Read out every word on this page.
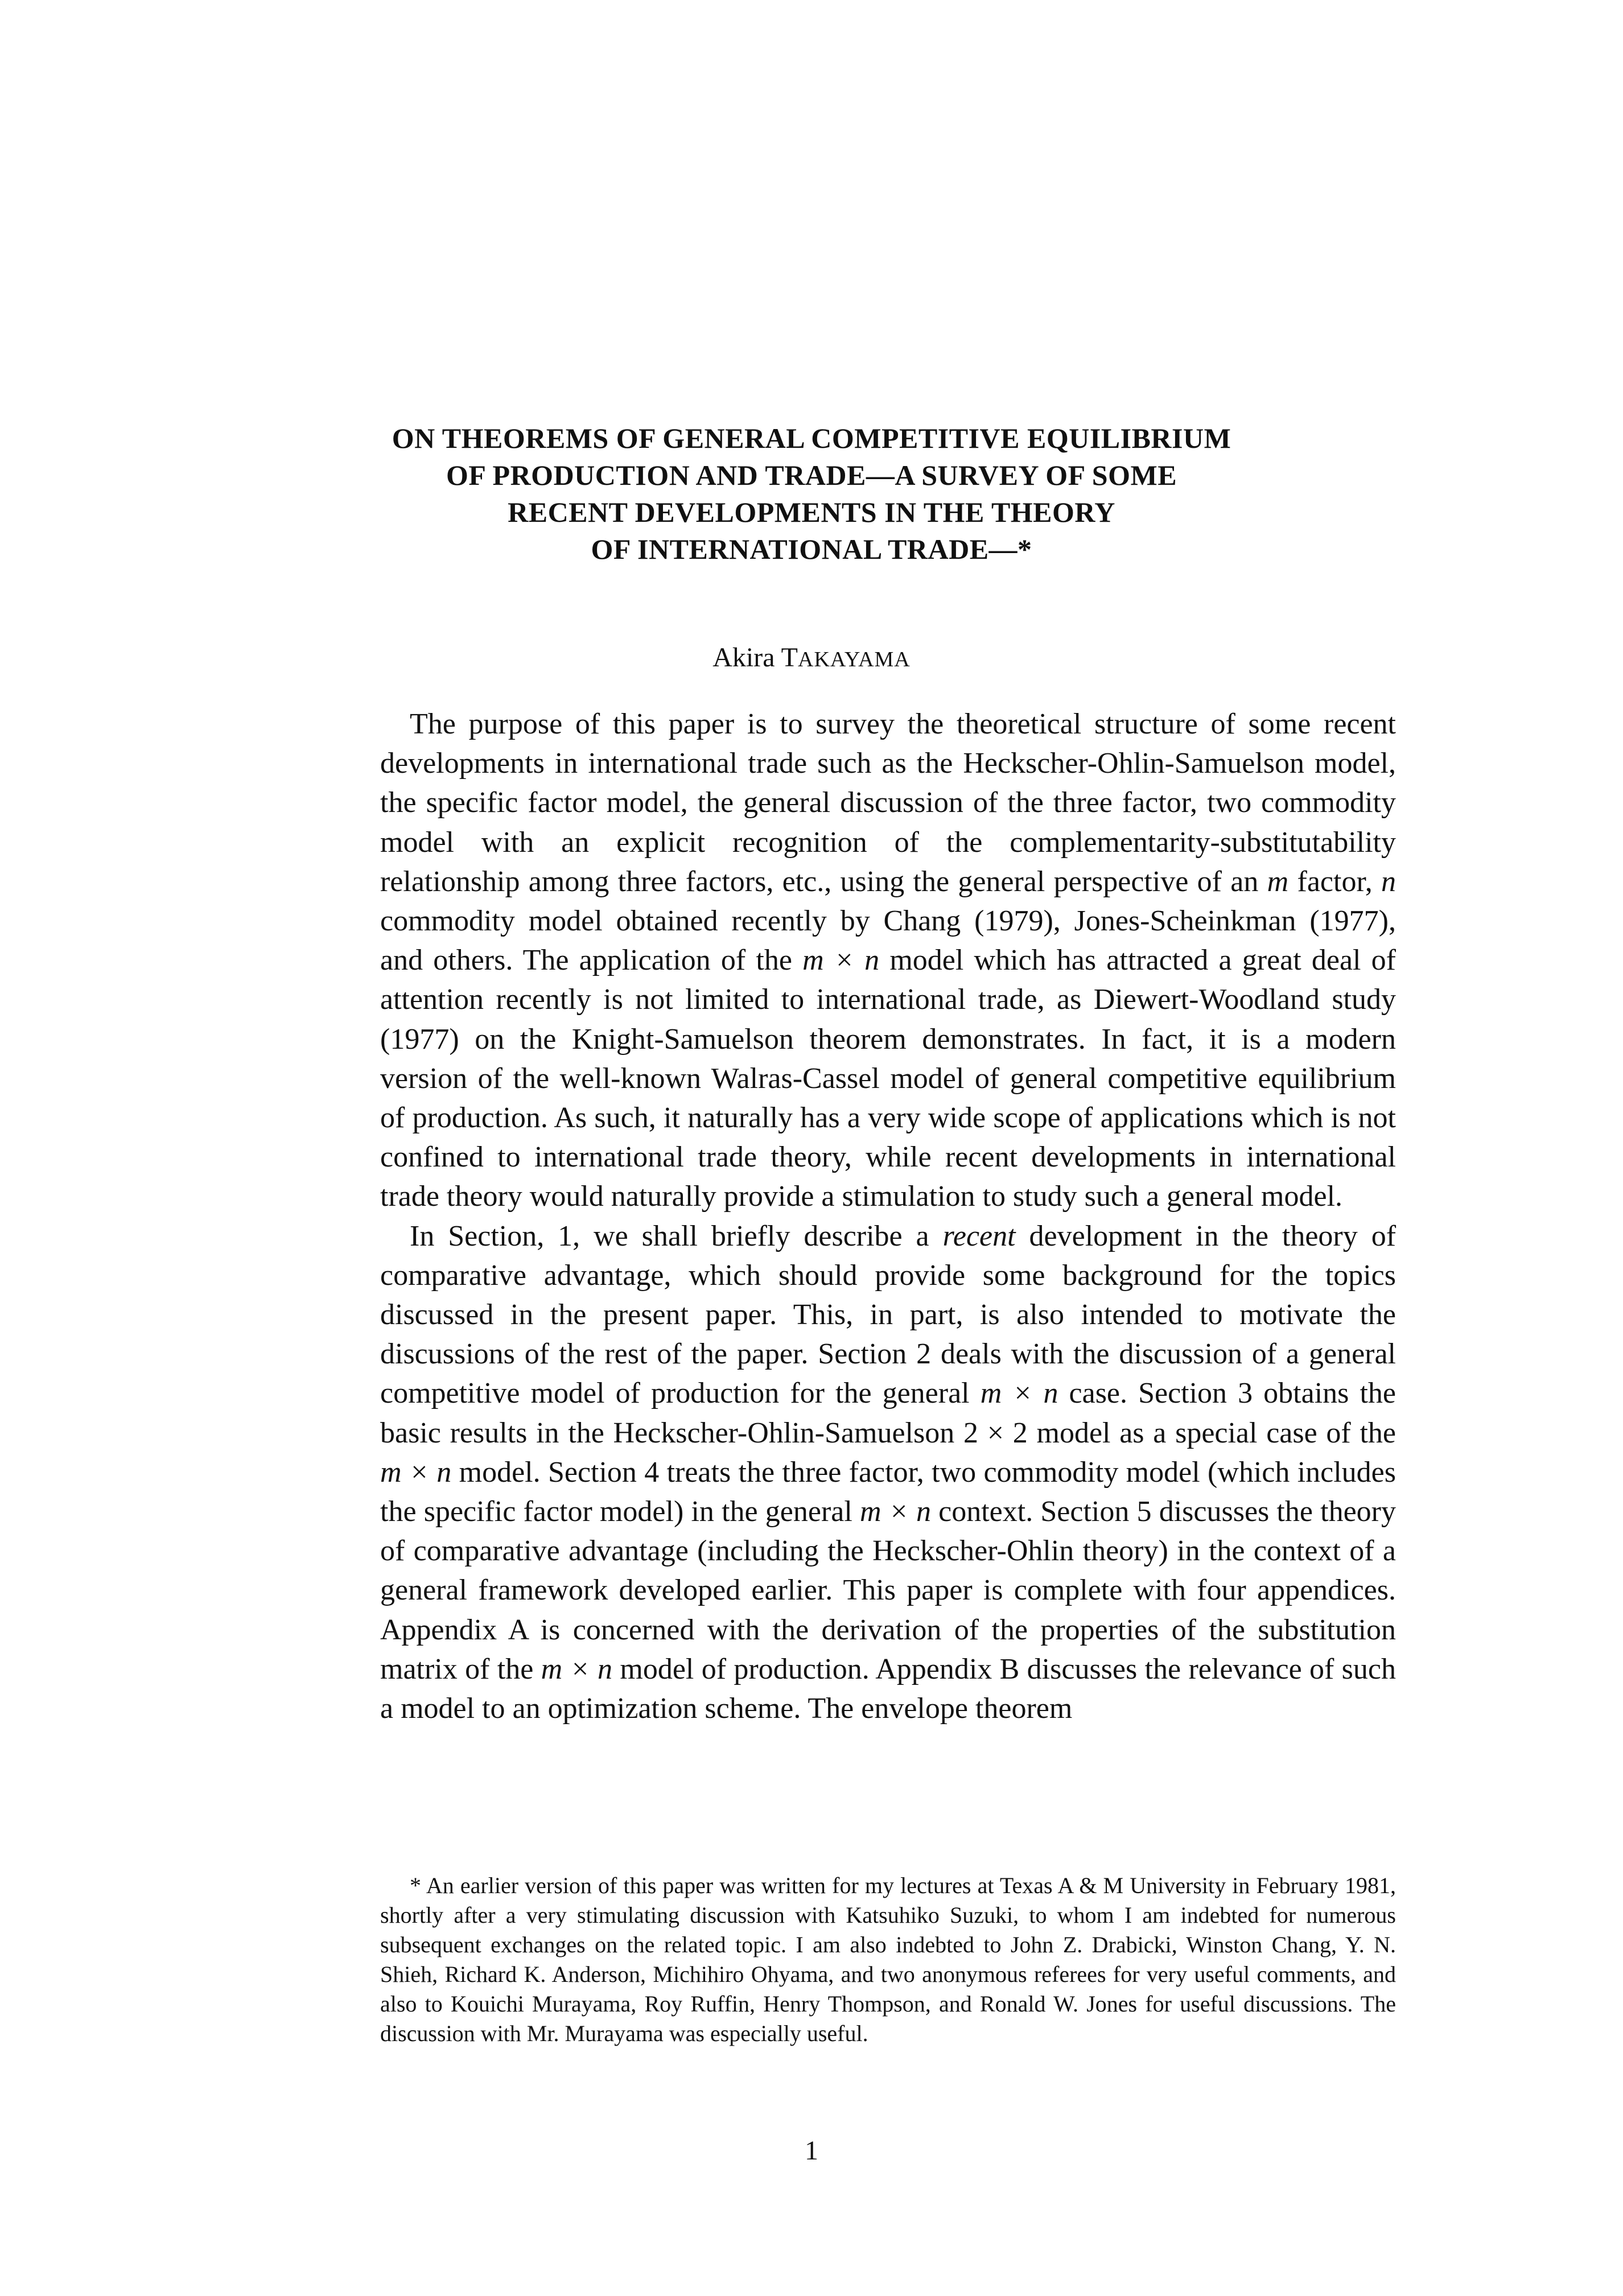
ON THEOREMS OF GENERAL COMPETITIVE EQUILIBRIUM
OF PRODUCTION AND TRADE—A SURVEY OF SOME
RECENT DEVELOPMENTS IN THE THEORY
OF INTERNATIONAL TRADE—*
Akira TAKAYAMA

The purpose of this paper is to survey the theoretical structure of some recent developments in international trade such as the Heckscher-Ohlin-Samuelson model, the specific factor model, the general discussion of the three factor, two commodity model with an explicit recognition of the complementarity-substitutability relationship among three factors, etc., using the general perspective of an m factor, n commodity model obtained recently by Chang (1979), Jones-Scheinkman (1977), and others. The application of the m × n model which has attracted a great deal of attention recently is not limited to international trade, as Diewert-Woodland study (1977) on the Knight-Samuelson theorem demonstrates. In fact, it is a modern version of the well-known Walras-Cassel model of general competitive equilibrium of production. As such, it naturally has a very wide scope of applications which is not confined to international trade theory, while recent developments in international trade theory would naturally provide a stimulation to study such a general model.

In Section, 1, we shall briefly describe a recent development in the theory of comparative advantage, which should provide some background for the topics discussed in the present paper. This, in part, is also intended to motivate the discussions of the rest of the paper. Section 2 deals with the discussion of a general competitive model of production for the general m × n case. Section 3 obtains the basic results in the Heckscher-Ohlin-Samuelson 2 × 2 model as a special case of the m × n model. Section 4 treats the three factor, two commodity model (which includes the specific factor model) in the general m × n context. Section 5 discusses the theory of comparative advantage (including the Heckscher-Ohlin theory) in the context of a general framework developed earlier. This paper is complete with four appendices. Appendix A is concerned with the derivation of the properties of the substitution matrix of the m × n model of production. Appendix B discusses the relevance of such a model to an optimization scheme. The envelope theorem

* An earlier version of this paper was written for my lectures at Texas A & M University in February 1981, shortly after a very stimulating discussion with Katsuhiko Suzuki, to whom I am indebted for numerous subsequent exchanges on the related topic. I am also indebted to John Z. Drabicki, Winston Chang, Y. N. Shieh, Richard K. Anderson, Michihiro Ohyama, and two anonymous referees for very useful comments, and also to Kouichi Murayama, Roy Ruffin, Henry Thompson, and Ronald W. Jones for useful discussions. The discussion with Mr. Murayama was especially useful.

1
